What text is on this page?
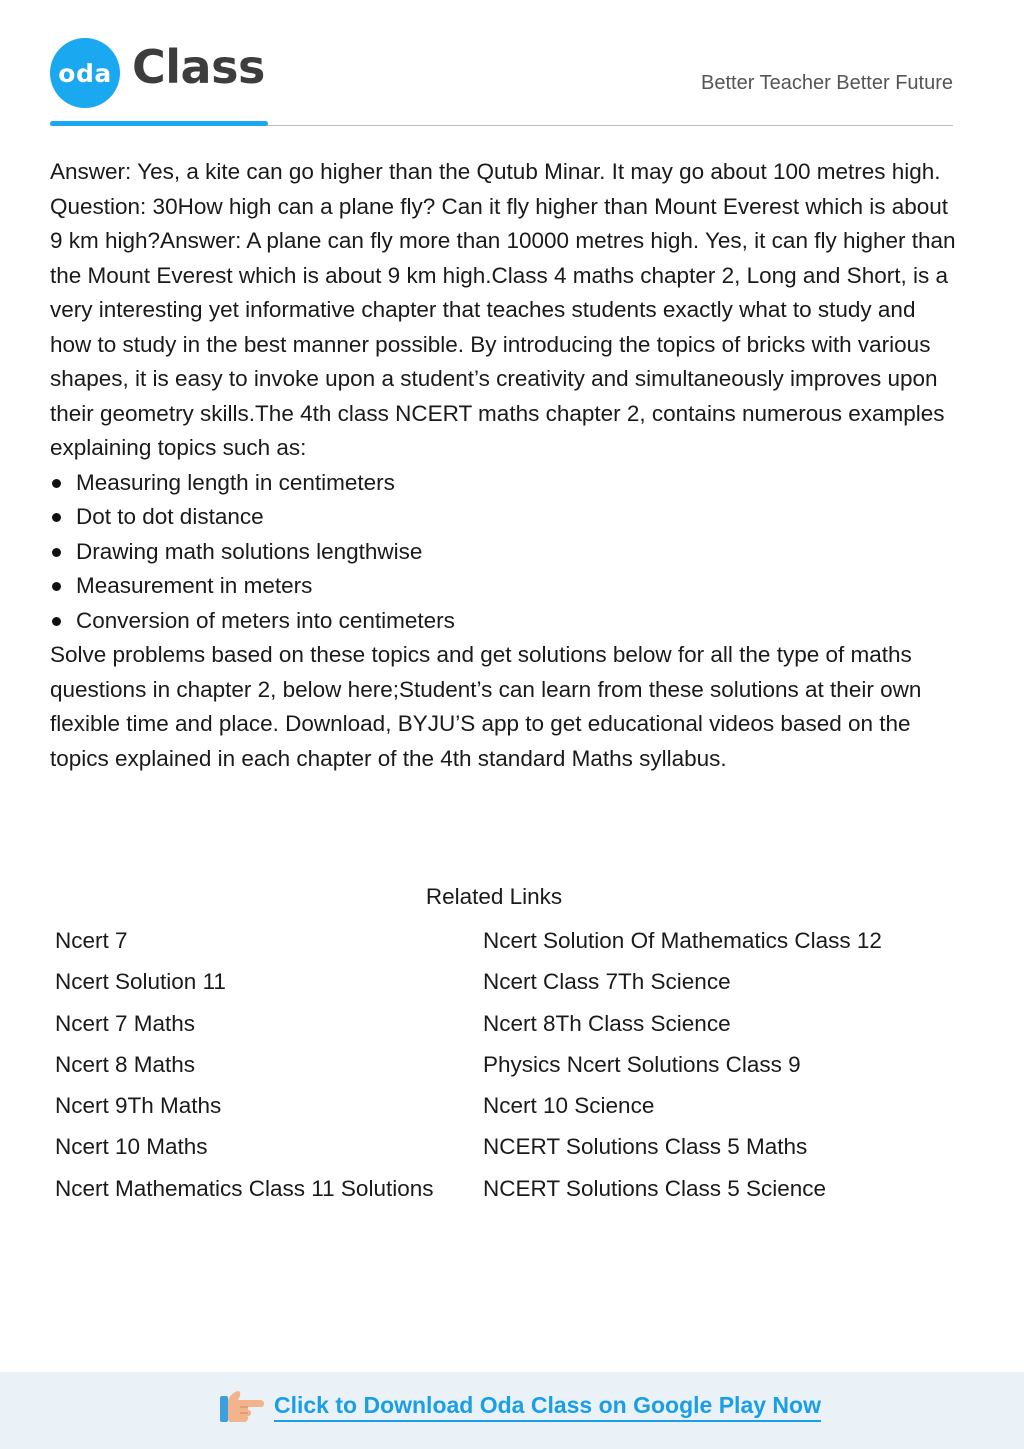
oda Class	Better Teacher Better Future

Answer: Yes, a kite can go higher than the Qutub Minar. It may go about 100 metres high.

Question: 30How high can a plane fly? Can it fly higher than Mount Everest which is about 9 km high?Answer: A plane can fly more than 10000 metres high. Yes, it can fly higher than the Mount Everest which is about 9 km high.Class 4 maths chapter 2, Long and Short, is a very interesting yet informative chapter that teaches students exactly what to study and how to study in the best manner possible. By introducing the topics of bricks with various shapes, it is easy to invoke upon a student’s creativity and simultaneously improves upon their geometry skills.The 4th class NCERT maths chapter 2, contains numerous examples explaining topics such as:

Measuring length in centimeters
Dot to dot distance
Drawing math solutions lengthwise
Measurement in meters
Conversion of meters into centimeters

Solve problems based on these topics and get solutions below for all the type of maths questions in chapter 2, below here;Student’s can learn from these solutions at their own flexible time and place. Download, BYJU’S app to get educational videos based on the topics explained in each chapter of the 4th standard Maths syllabus.

Related Links
Ncert 7	Ncert Solution Of Mathematics Class 12
Ncert Solution 11	Ncert Class 7Th Science
Ncert 7 Maths	Ncert 8Th Class Science
Ncert 8 Maths	Physics Ncert Solutions Class 9
Ncert 9Th Maths	Ncert 10 Science
Ncert 10 Maths	NCERT Solutions Class 5 Maths
Ncert Mathematics Class 11 Solutions	NCERT Solutions Class 5 Science
Click to Download Oda Class on Google Play Now
